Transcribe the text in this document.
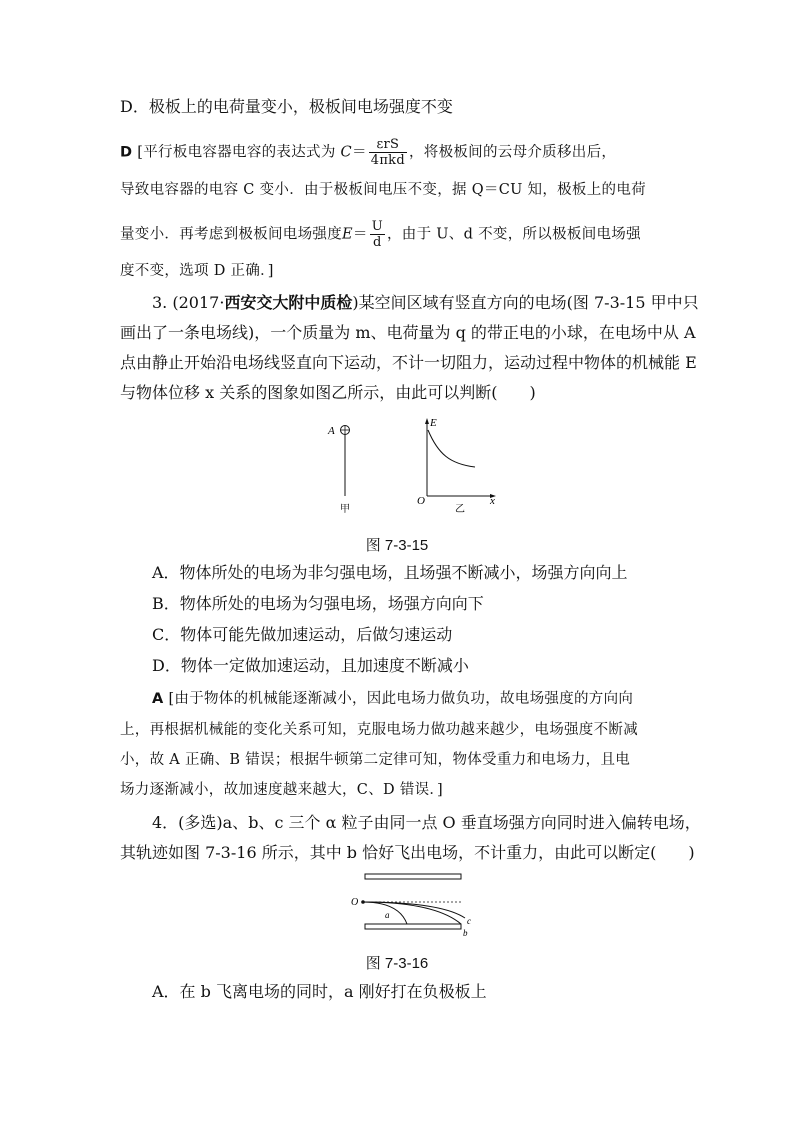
D．极板上的电荷量变小，极板间电场强度不变
D [平行板电容器电容的表达式为 $C= \frac{\text{εrS}}{\text{4πkd}}$ ，将极板间的云母介质移出后，
导致电容器的电容 C 变小．由于极板间电压不变，据 Q＝CU 知，极板上的电荷
量变小．再考虑到极板间电场强度$E= \frac{U}{d}$ ，由于 U、d 不变，所以极板间电场强
度不变，选项 D 正确．]
3. (2017·西安交大附中质检)某空间区域有竖直方向的电场(图 7-3-15 甲中只
画出了一条电场线)，一个质量为 m、电荷量为 q 的带正电的小球，在电场中从 A
点由静止开始沿电场线竖直向下运动，不计一切阻力，运动过程中物体的机械能 E
与物体位移 x 关系的图象如图乙所示，由此可以判断(　　)
A
甲
E
O	x
乙
图 7-3-15
A．物体所处的电场为非匀强电场，且场强不断减小，场强方向向上
B．物体所处的电场为匀强电场，场强方向向下
C．物体可能先做加速运动，后做匀速运动
D．物体一定做加速运动，且加速度不断减小
A [由于物体的机械能逐渐减小，因此电场力做负功，故电场强度的方向向
上，再根据机械能的变化关系可知，克服电场力做功越来越少，电场强度不断减
小，故 A 正确、B 错误；根据牛顿第二定律可知，物体受重力和电场力，且电
场力逐渐减小，故加速度越来越大，C、D 错误．]
4．(多选)a、b、c 三个 α 粒子由同一点 O 垂直场强方向同时进入偏转电场，
其轨迹如图 7-3-16 所示，其中 b 恰好飞出电场，不计重力，由此可以断定(　　)
O
a
b
c
图 7-3-16
A．在 b 飞离电场的同时，a 刚好打在负极板上
